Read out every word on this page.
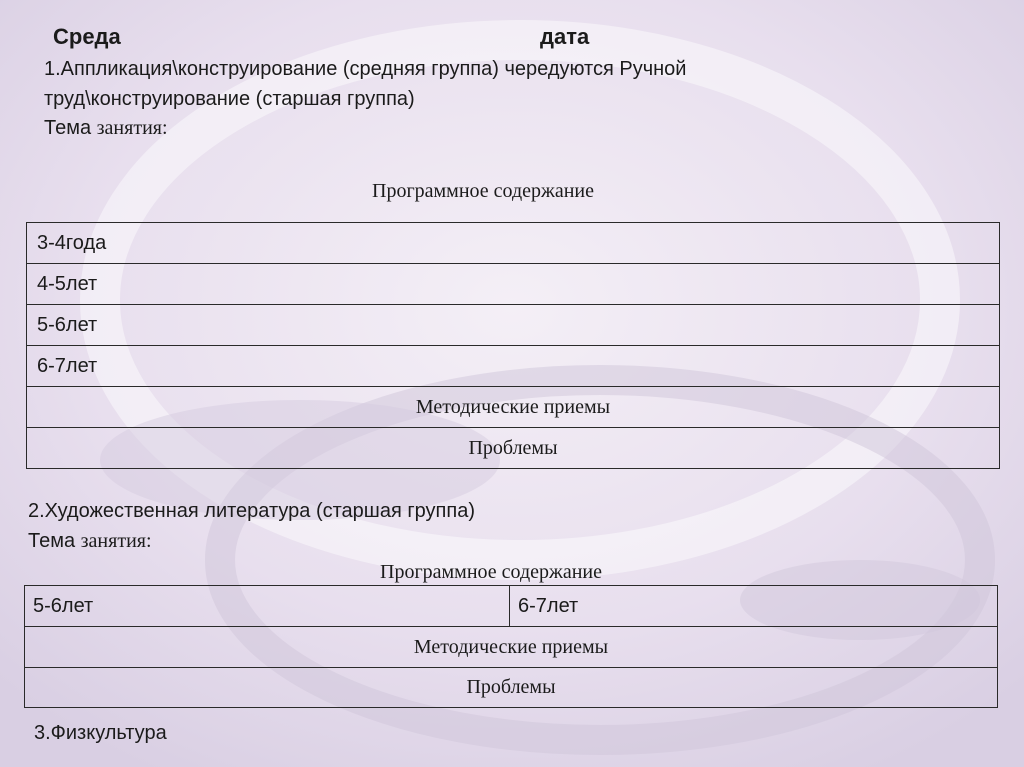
Среда	дата
1.Аппликация\конструирование (средняя группа) чередуются Ручной
труд\конструирование (старшая группа)
Тема занятия:
Программное содержание
3-4года
4-5лет
5-6лет
6-7лет
Методические приемы
Проблемы
2.Художественная литература (старшая группа)
Тема занятия:
Программное содержание
5-6лет	6-7лет
Методические приемы
Проблемы
3.Физкультура
